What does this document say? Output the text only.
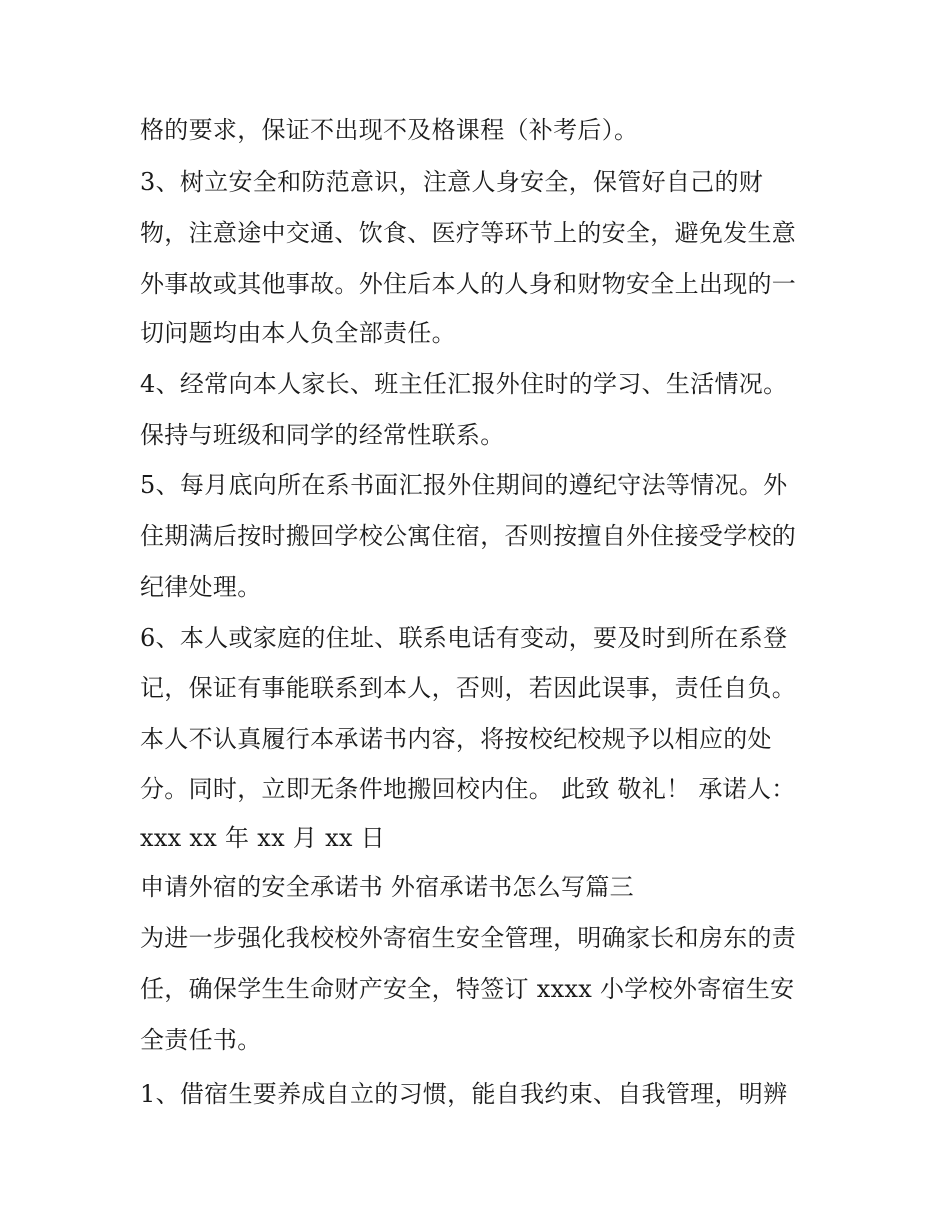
格的要求，保证不出现不及格课程（补考后）。
3、树立安全和防范意识，注意人身安全，保管好自己的财
物，注意途中交通、饮食、医疗等环节上的安全，避免发生意
外事故或其他事故。外住后本人的人身和财物安全上出现的一
切问题均由本人负全部责任。
4、经常向本人家长、班主任汇报外住时的学习、生活情况。
保持与班级和同学的经常性联系。
5、每月底向所在系书面汇报外住期间的遵纪守法等情况。外
住期满后按时搬回学校公寓住宿，否则按擅自外住接受学校的
纪律处理。
6、本人或家庭的住址、联系电话有变动，要及时到所在系登
记，保证有事能联系到本人，否则，若因此误事，责任自负。
本人不认真履行本承诺书内容，将按校纪校规予以相应的处
分。同时，立即无条件地搬回校内住。 此致 敬礼！ 承诺人：
xxx xx 年 xx 月 xx 日
申请外宿的安全承诺书 外宿承诺书怎么写篇三
为进一步强化我校校外寄宿生安全管理，明确家长和房东的责
任，确保学生生命财产安全，特签订 xxxx 小学校外寄宿生安
全责任书。
1、借宿生要养成自立的习惯，能自我约束、自我管理，明辨
